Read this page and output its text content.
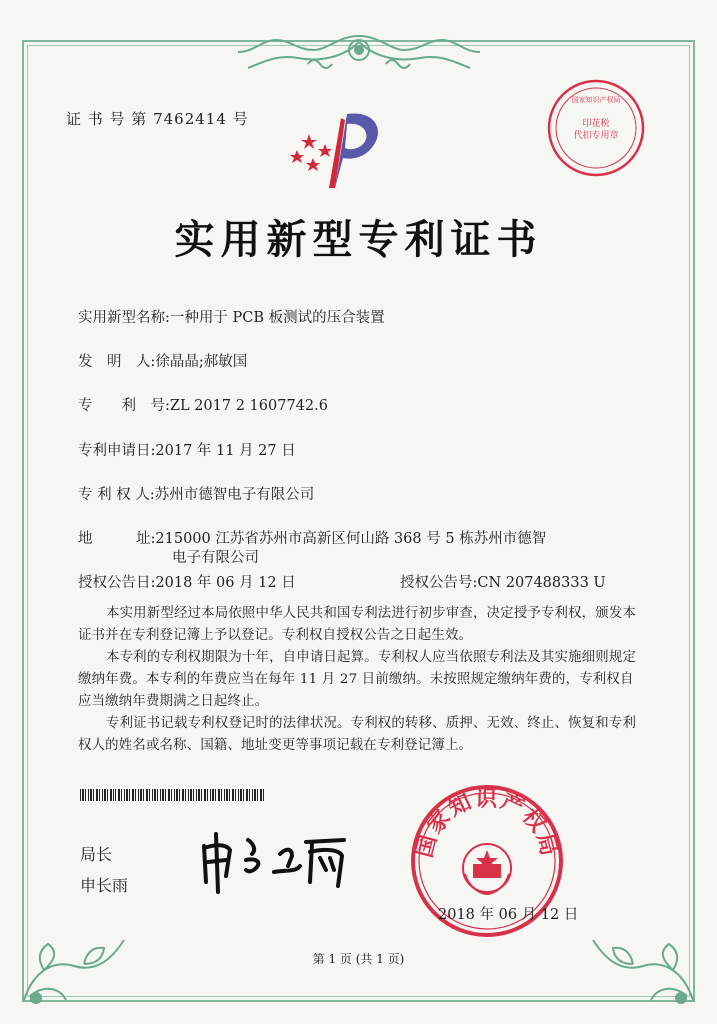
证 书 号 第 7462414 号	印花税
代扣专用章
国家知识产权局
实用新型专利证书
实用新型名称:一种用于 PCB 板测试的压合装置
发　明　人:徐晶晶;郝敏国
专　　利　号:ZL 2017 2 1607742.6
专利申请日:2017 年 11 月 27 日
专 利 权 人:苏州市德智电子有限公司
地　　　址:215000 江苏省苏州市高新区何山路 368 号 5 栋苏州市德智
电子有限公司
授权公告日:2018 年 06 月 12 日	授权公告号:CN 207488333 U
本实用新型经过本局依照中华人民共和国专利法进行初步审查，决定授予专利权，颁发本证书并在专利登记簿上予以登记。专利权自授权公告之日起生效。
本专利的专利权期限为十年，自申请日起算。专利权人应当依照专利法及其实施细则规定缴纳年费。本专利的年费应当在每年 11 月 27 日前缴纳。未按照规定缴纳年费的，专利权自应当缴纳年费期满之日起终止。
专利证书记载专利权登记时的法律状况。专利权的转移、质押、无效、终止、恢复和专利权人的姓名或名称、国籍、地址变更等事项记载在专利登记簿上。
局长
申长雨
国家知识产权局
2018 年 06 月 12 日
第 1 页 (共 1 页)
